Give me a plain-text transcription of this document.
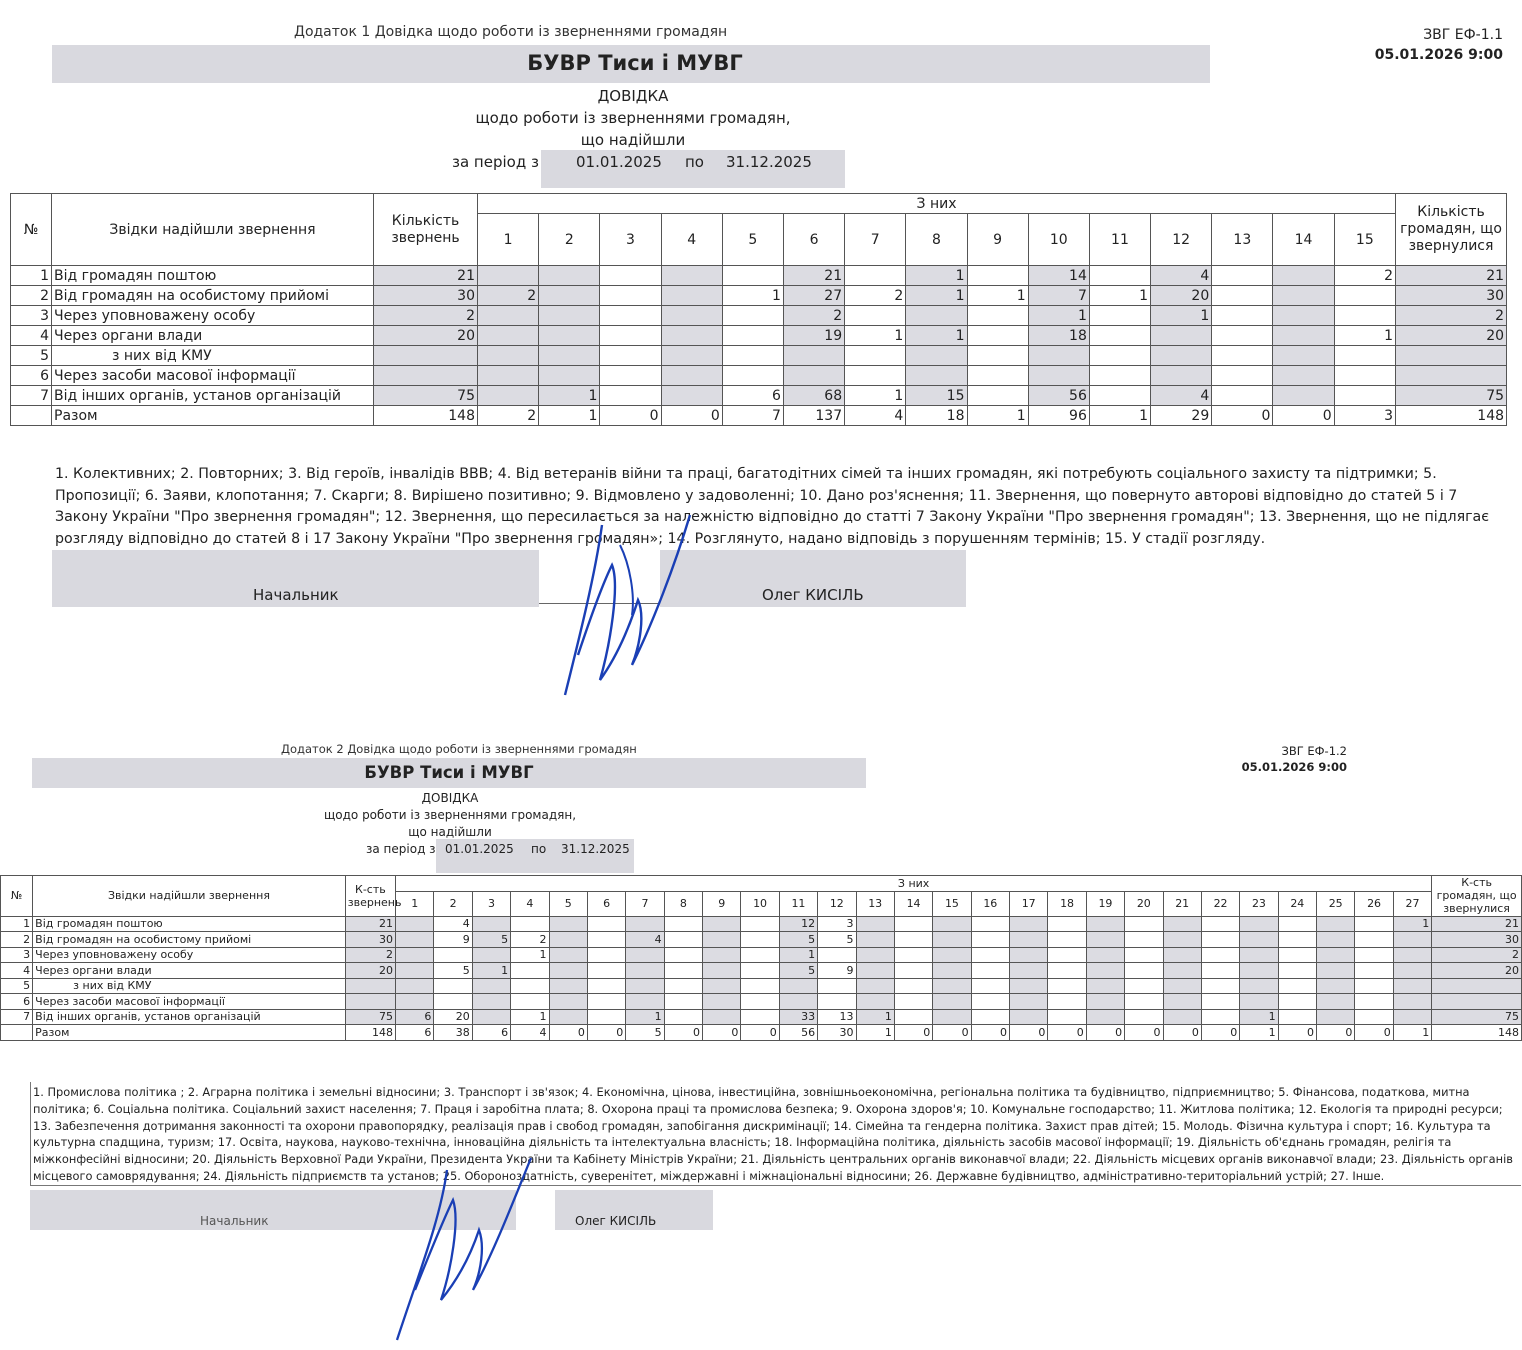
Додаток 1 Довідка щодо роботи із зверненнями громадян	ЗВГ ЕФ-1.1
05.01.2026 9:00
БУВР Тиси і МУВГ
ДОВІДКА
щодо роботи із зверненнями громадян,
що надійшли
за період з 01.01.2025 по 31.12.2025
№	Звідки надійшли звернення	Кількість звернень	З них															Кількість громадян, що звернулися
			1	2	3	4	5	6	7	8	9	10	11	12	13	14	15	
1	Від громадян поштою	21						21		1		14		4			2	21
2	Від громадян на особистому прийомі	30	2				1	27	2	1	1	7	1	20				30
3	Через уповноважену особу	2						2				1		1				2
4	Через органи влади	20						19	1	1		18					1	20
5	з них від КМУ																	
6	Через засоби масової інформації																	
7	Від інших органів, установ організацій	75		1			6	68	1	15		56		4				75
	Разом	148	2	1	0	0	7	137	4	18	1	96	1	29	0	0	3	148
1. Колективних; 2. Повторних; 3. Від героїв, інвалідів ВВВ; 4. Від ветеранів війни та праці, багатодітних сімей та інших громадян, які потребують соціального захисту та підтримки; 5. Пропозиції; 6. Заяви, клопотання; 7. Скарги; 8. Вирішено позитивно; 9. Відмовлено у задоволенні; 10. Дано роз'яснення; 11. Звернення, що повернуто авторові відповідно до статей 5 і 7 Закону України "Про звернення громадян"; 12. Звернення, що пересилається за належністю відповідно до статті 7 Закону України "Про звернення громадян"; 13. Звернення, що не підлягає розгляду відповідно до статей 8 і 17 Закону України "Про звернення громадян»; 14. Розглянуто, надано відповідь з порушенням термінів; 15. У стадії розгляду.
Начальник	Олег КИСІЛЬ
Додаток 2 Довідка щодо роботи із зверненнями громадян	ЗВГ ЕФ-1.2
05.01.2026 9:00
БУВР Тиси і МУВГ
ДОВІДКА
щодо роботи із зверненнями громадян,
що надійшли
за період з 01.01.2025 по 31.12.2025
№	Звідки надійшли звернення	К-сть звернень	З них																											К-сть громадян, що звернулися
			1	2	3	4	5	6	7	8	9	10	11	12	13	14	15	16	17	18	19	20	21	22	23	24	25	26	27	
1	Від громадян поштою	21		4									12	3															1	21
2	Від громадян на особистому прийомі	30		9	5	2			4				5	5																30
3	Через уповноважену особу	2				1							1																	2
4	Через органи влади	20		5	1								5	9																20
5	з них від КМУ																													
6	Через засоби масової інформації																													
7	Від інших органів, установ організацій	75	6	20		1			1				33	13	1										1					75
	Разом	148	6	38	6	4	0	0	5	0	0	0	56	30	1	0	0	0	0	0	0	0	0	0	1	0	0	0	1	148
1. Промислова політика ; 2. Аграрна політика і земельні відносини; 3. Транспорт і зв'язок; 4. Економічна, цінова, інвестиційна, зовнішньоекономічна, регіональна політика та будівництво, підприємництво; 5. Фінансова, податкова, митна політика; 6. Соціальна політика. Соціальний захист населення; 7. Праця і заробітна плата; 8. Охорона праці та промислова безпека; 9. Охорона здоров'я; 10. Комунальне господарство; 11. Житлова політика; 12. Екологія та природні ресурси; 13. Забезпечення дотримання законності та охорони правопорядку, реалізація прав і свобод громадян, запобігання дискримінації; 14. Сімейна та гендерна політика. Захист прав дітей; 15. Молодь. Фізична культура і спорт; 16. Культура та культурна спадщина, туризм; 17. Освіта, наукова, науково-технічна, інноваційна діяльність та інтелектуальна власність; 18. Інформаційна політика, діяльність засобів масової інформації; 19. Діяльність об'єднань громадян, релігія та міжконфесійні відносини; 20. Діяльність Верховної Ради України, Президента України та Кабінету Міністрів України; 21. Діяльність центральних органів виконавчої влади; 22. Діяльність місцевих органів виконавчої влади; 23. Діяльність органів місцевого самоврядування; 24. Діяльність підприємств та установ; 25. Обороноздатність, суверенітет, міждержавні і міжнаціональні відносини; 26. Державне будівництво, адміністративно-територіальний устрій; 27. Інше.
Начальник	Олег КИСІЛЬ
